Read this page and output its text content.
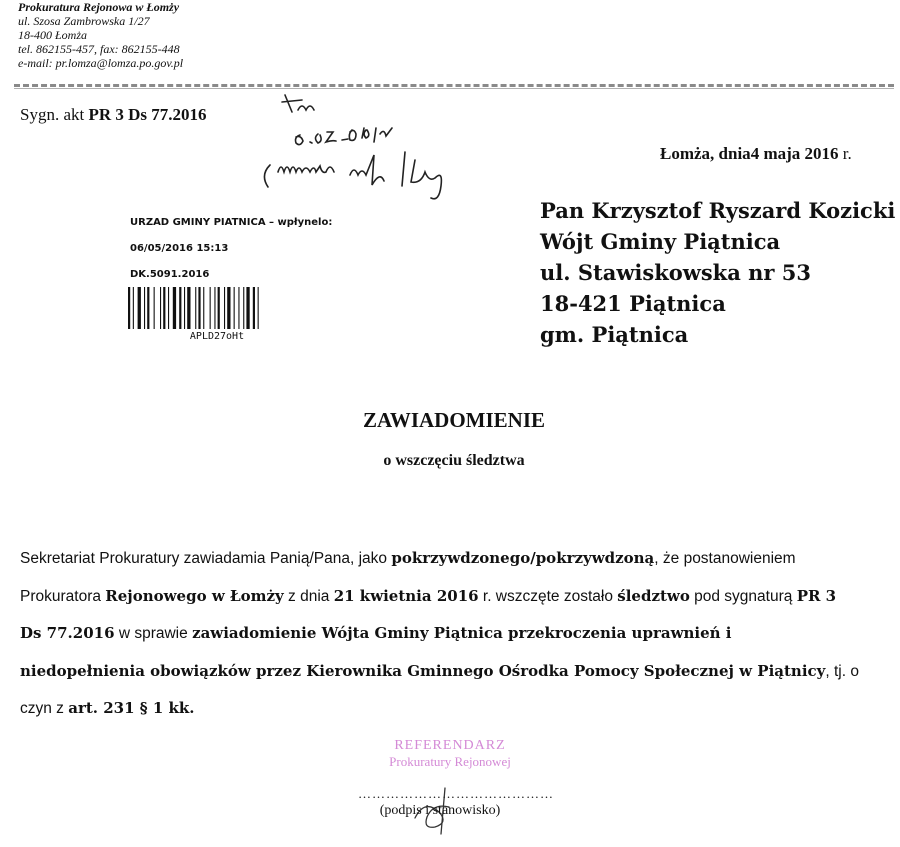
Prokuratura Rejonowa w Łomży
ul. Szosa Zambrowska 1/27
18-400 Łomża
tel. 862155-457, fax: 862155-448
e-mail: pr.lomza@lomza.po.gov.pl
Sygn. akt PR 3 Ds 77.2016
Łomża, dnia4 maja 2016 r.
URZAD GMINY PIATNICA – wpłynelo:
06/05/2016 15:13
DK.5091.2016
APLD27oHt
Pan Krzysztof Ryszard Kozicki
Wójt Gminy Piątnica
ul. Stawiskowska nr 53
18-421 Piątnica
gm. Piątnica
ZAWIADOMIENIE
o wszczęciu śledztwa
Sekretariat Prokuratury zawiadamia Panią/Pana, jako pokrzywdzonego/pokrzywdzoną, że postanowieniem Prokuratora Rejonowego w Łomży z dnia 21 kwietnia 2016 r. wszczęte zostało śledztwo pod sygnaturą PR 3 Ds 77.2016 w sprawie zawiadomienie Wójta Gminy Piątnica przekroczenia uprawnień i niedopełnienia obowiązków przez Kierownika Gminnego Ośrodka Pomocy Społecznej w Piątnicy, tj. o czyn z art. 231 § 1 kk.
REFERENDARZ
Prokuratury Rejonowej
……………………………………
(podpis i stanowisko)
